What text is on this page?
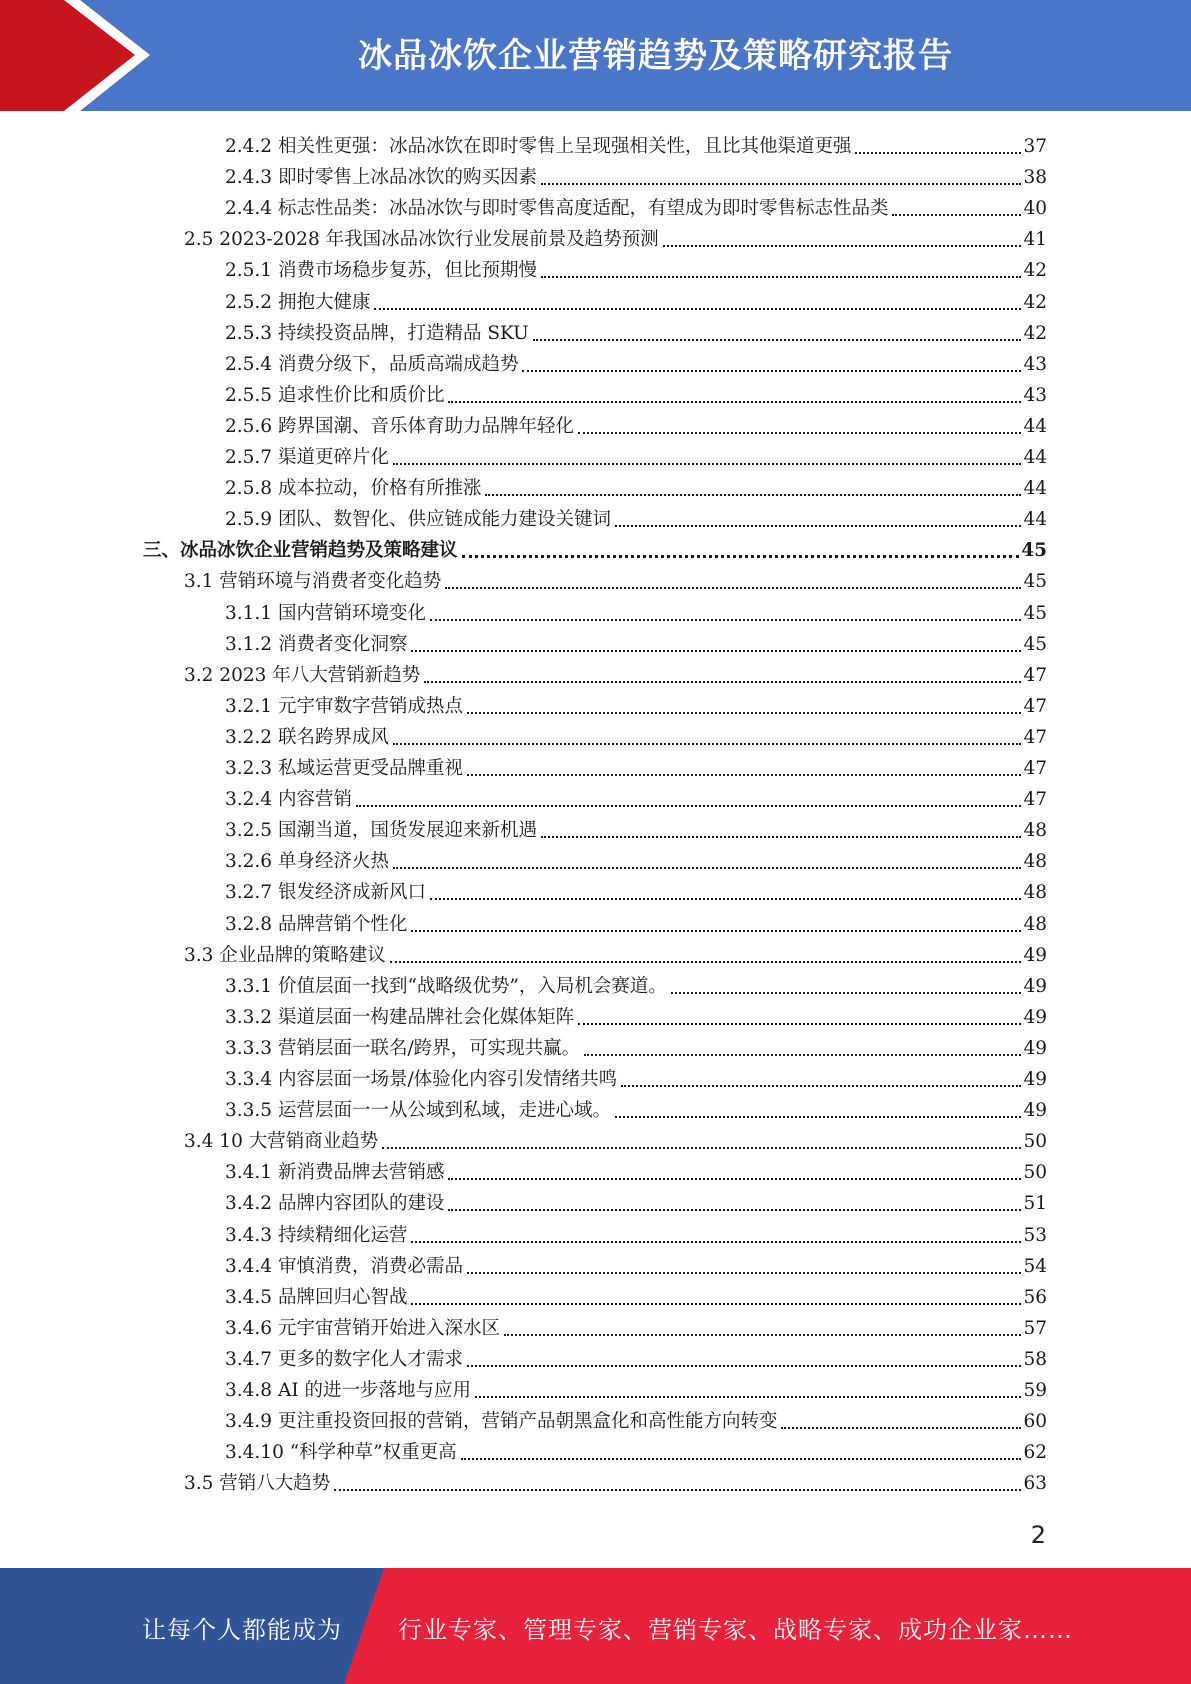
冰品冰饮企业营销趋势及策略研究报告
2.4.2 相关性更强：冰品冰饮在即时零售上呈现强相关性，且比其他渠道更强	37
2.4.3 即时零售上冰品冰饮的购买因素	38
2.4.4 标志性品类：冰品冰饮与即时零售高度适配，有望成为即时零售标志性品类	40
2.5 2023-2028 年我国冰品冰饮行业发展前景及趋势预测	41
2.5.1 消费市场稳步复苏，但比预期慢	42
2.5.2 拥抱大健康	42
2.5.3 持续投资品牌，打造精品 SKU	42
2.5.4 消费分级下，品质高端成趋势	43
2.5.5 追求性价比和质价比	43
2.5.6 跨界国潮、音乐体育助力品牌年轻化	44
2.5.7 渠道更碎片化	44
2.5.8 成本拉动，价格有所推涨	44
2.5.9 团队、数智化、供应链成能力建设关键词	44
三、冰品冰饮企业营销趋势及策略建议	45
3.1 营销环境与消费者变化趋势	45
3.1.1 国内营销环境变化	45
3.1.2 消费者变化洞察	45
3.2 2023 年八大营销新趋势	47
3.2.1 元宇审数字营销成热点	47
3.2.2 联名跨界成风	47
3.2.3 私域运营更受品牌重视	47
3.2.4 内容营销	47
3.2.5 国潮当道，国货发展迎来新机遇	48
3.2.6 单身经济火热	48
3.2.7 银发经济成新风口	48
3.2.8 品牌营销个性化	48
3.3 企业品牌的策略建议	49
3.3.1 价值层面一找到“战略级优势”，入局机会赛道。	49
3.3.2 渠道层面一构建品牌社会化媒体矩阵	49
3.3.3 营销层面一联名/跨界，可实现共赢。	49
3.3.4 内容层面一场景/体验化内容引发情绪共鸣	49
3.3.5 运营层面一一从公域到私域，走进心域。	49
3.4 10 大营销商业趋势	50
3.4.1 新消费品牌去营销感	50
3.4.2 品牌内容团队的建设	51
3.4.3 持续精细化运营	53
3.4.4 审慎消费，消费必需品	54
3.4.5 品牌回归心智战	56
3.4.6 元宇宙营销开始进入深水区	57
3.4.7 更多的数字化人才需求	58
3.4.8 AI 的进一步落地与应用	59
3.4.9 更注重投资回报的营销，营销产品朝黑盒化和高性能方向转变	60
3.4.10 “科学种草”权重更高	62
3.5 营销八大趋势	63
2
让每个人都能成为 行业专家、管理专家、营销专家、战略专家、成功企业家……
